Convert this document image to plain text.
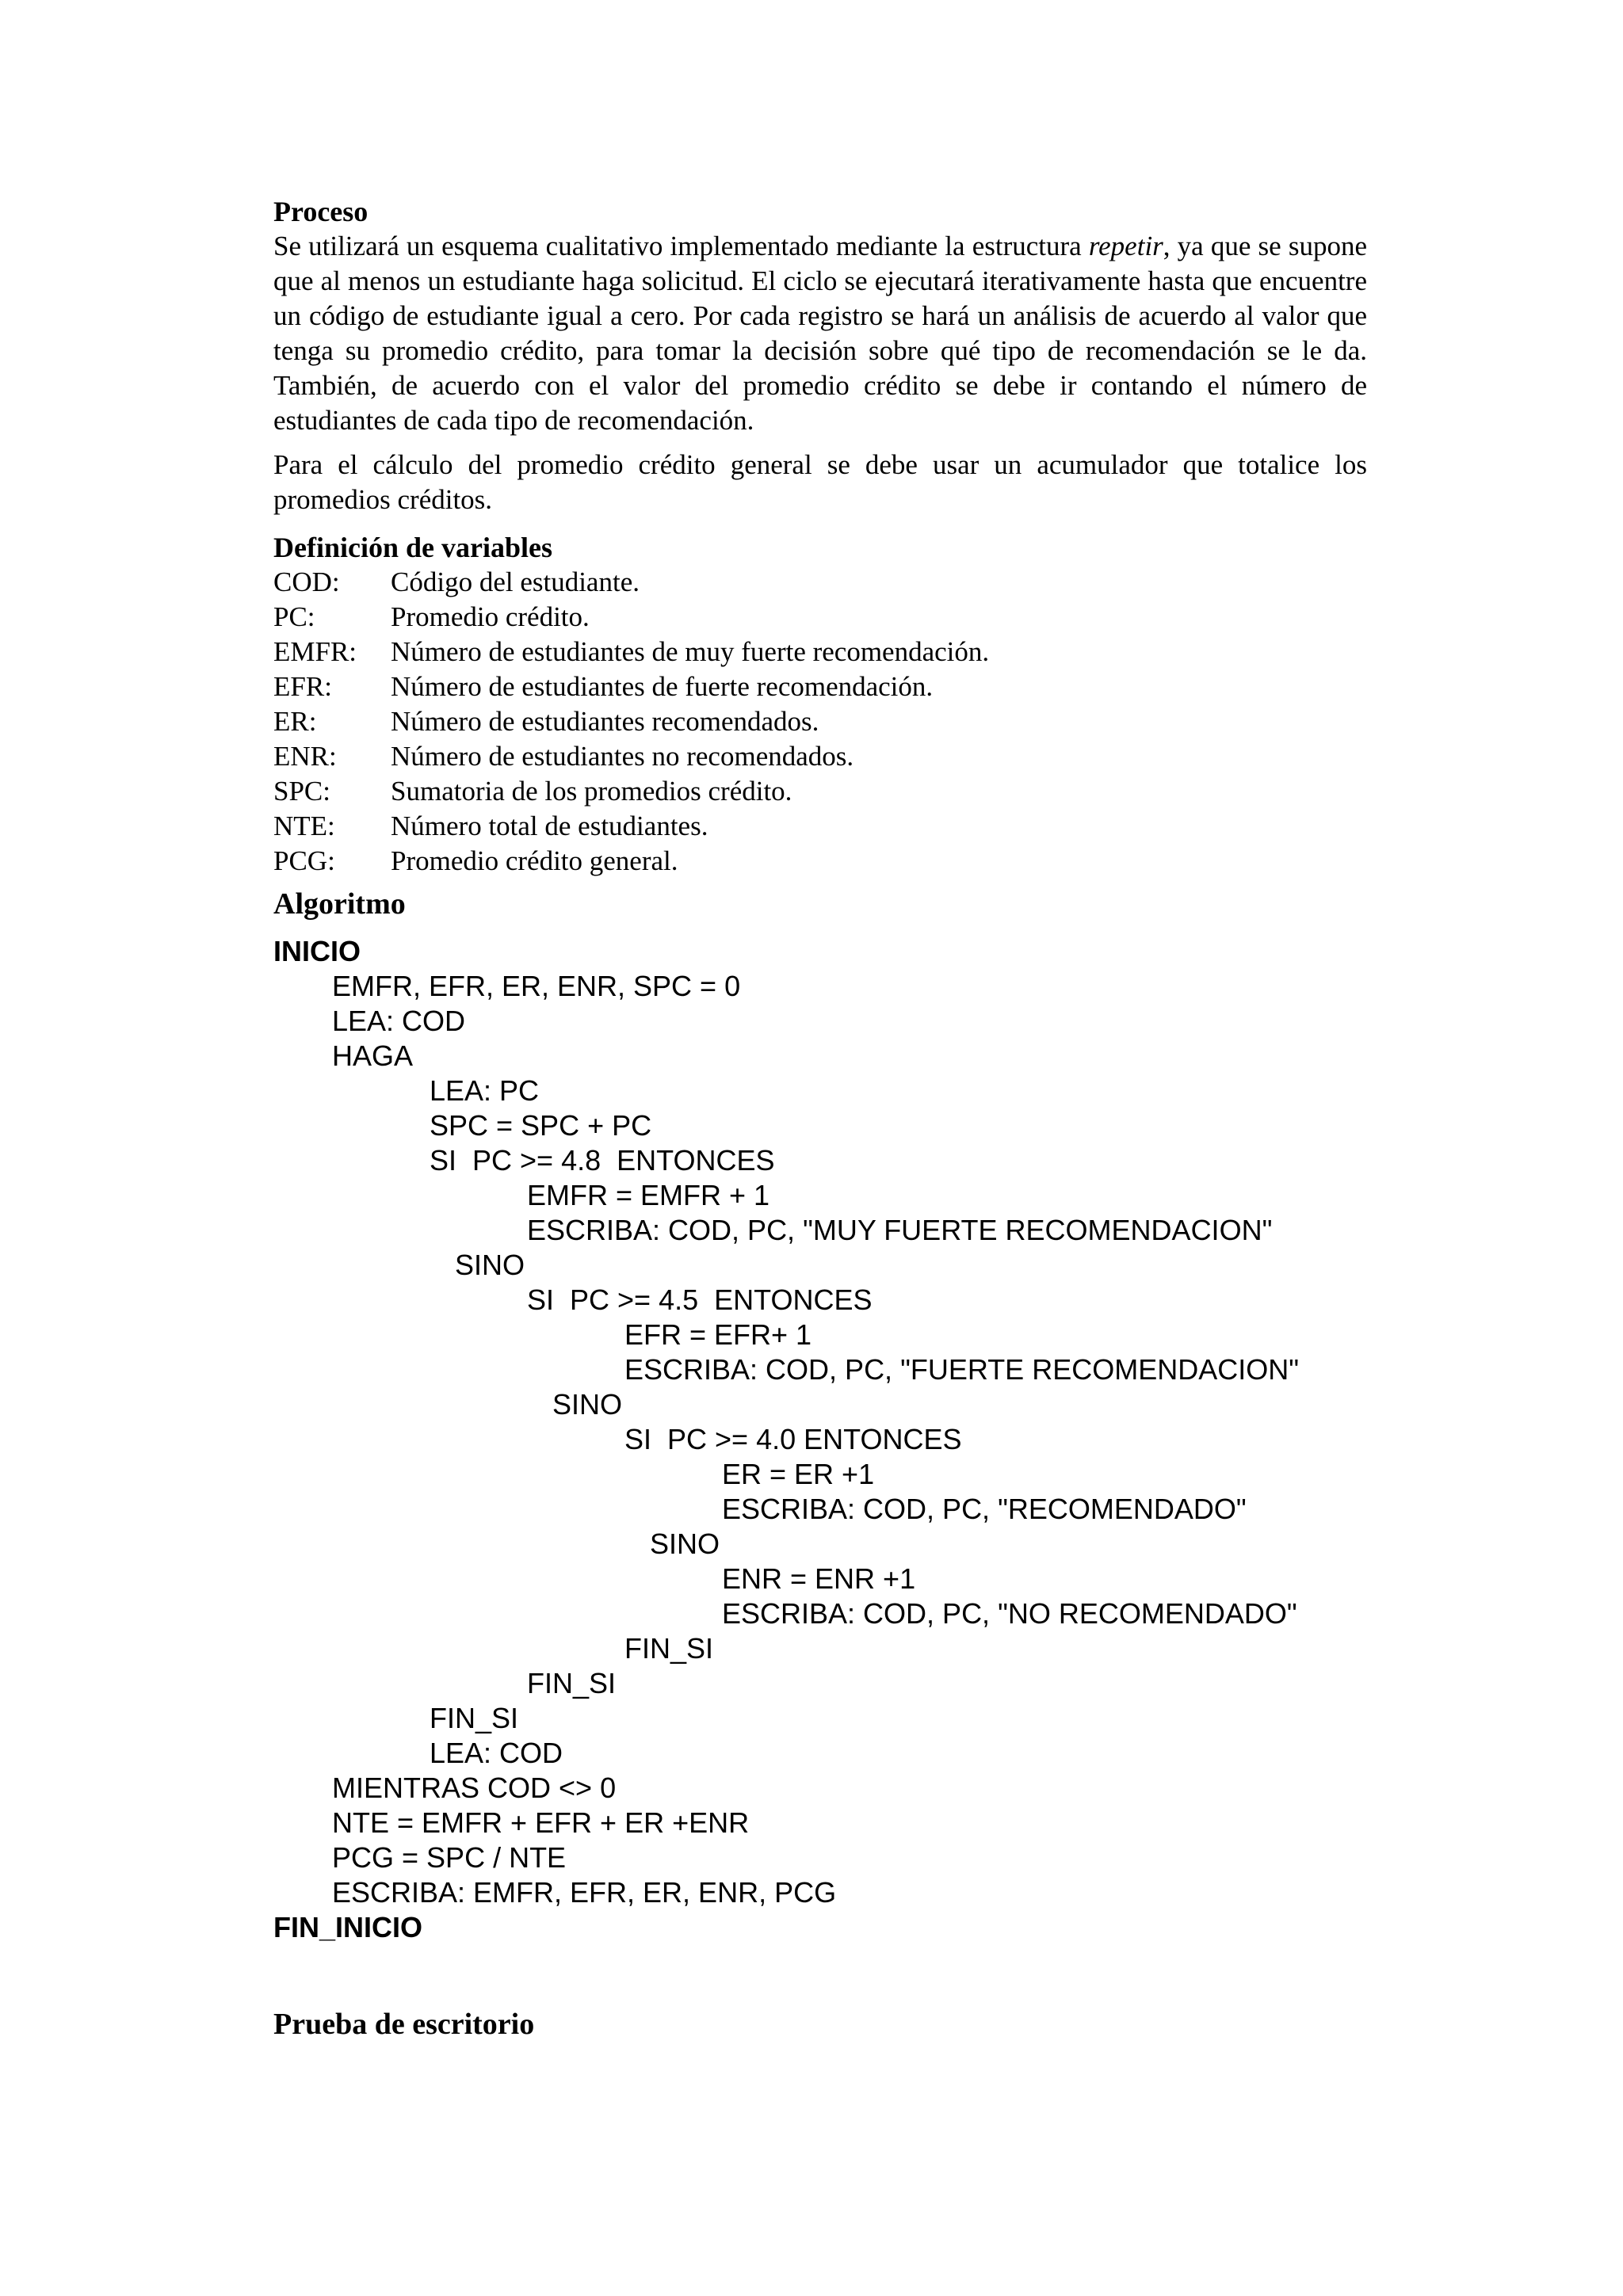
Proceso
Se utilizará un esquema cualitativo implementado mediante la estructura repetir, ya que se supone que al menos un estudiante haga solicitud. El ciclo se ejecutará iterativamente hasta que encuentre un código de estudiante igual a cero. Por cada registro se hará un análisis de acuerdo al valor que tenga su promedio crédito, para tomar la decisión sobre qué tipo de recomendación se le da. También, de acuerdo con el valor del promedio crédito se debe ir contando el número de estudiantes de cada tipo de recomendación.
Para el cálculo del promedio crédito general se debe usar un acumulador que totalice los promedios créditos.
Definición de variables
COD:	Código del estudiante.
PC:	Promedio crédito.
EMFR:	Número de estudiantes de muy fuerte recomendación.
EFR:	Número de estudiantes de fuerte recomendación.
ER:	Número de estudiantes recomendados.
ENR:	Número de estudiantes no recomendados.
SPC:	Sumatoria de los promedios crédito.
NTE:	Número total de estudiantes.
PCG:	Promedio crédito general.
Algoritmo
INICIO
EMFR, EFR, ER, ENR, SPC = 0
LEA: COD
HAGA
LEA: PC
SPC = SPC + PC
SI  PC >= 4.8  ENTONCES
EMFR = EMFR + 1
ESCRIBA: COD, PC, "MUY FUERTE RECOMENDACION"
SINO
SI  PC >= 4.5  ENTONCES
EFR = EFR+ 1
ESCRIBA: COD, PC, "FUERTE RECOMENDACION"
SINO
SI  PC >= 4.0 ENTONCES
ER = ER +1
ESCRIBA: COD, PC, "RECOMENDADO"
SINO
ENR = ENR +1
ESCRIBA: COD, PC, "NO RECOMENDADO"
FIN_SI
FIN_SI
FIN_SI
LEA: COD
MIENTRAS COD <> 0
NTE = EMFR + EFR + ER +ENR
PCG = SPC / NTE
ESCRIBA: EMFR, EFR, ER, ENR, PCG
FIN_INICIO
Prueba de escritorio
